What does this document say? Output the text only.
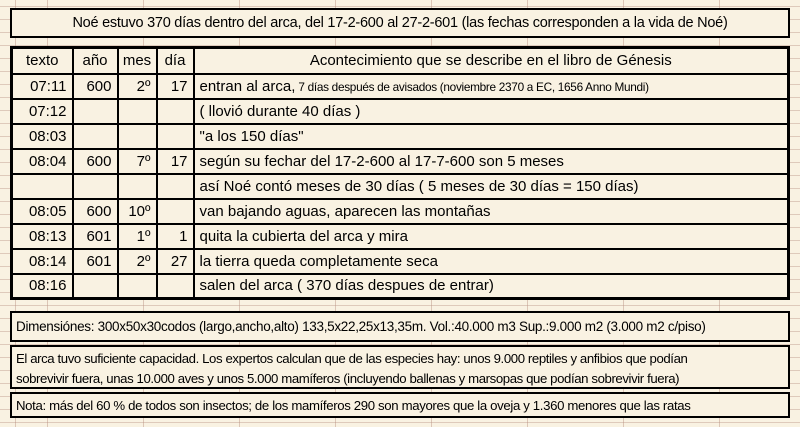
Noé estuvo 370 días dentro del arca, del 17-2-600 al 27-2-601 (las fechas corresponden a la vida de Noé)
texto	año	mes	día	Acontecimiento que se describe en el libro de Génesis
07:11	600	2º	17	entran al arca, 7 días después de avisados (noviembre 2370 a EC, 1656 Anno Mundi)
07:12				( llovió durante 40 días )
08:03				"a los 150 días"
08:04	600	7º	17	según su fechar del 17-2-600 al 17-7-600 son 5 meses
				así Noé contó meses de 30 días ( 5 meses de 30 días = 150 días)
08:05	600	10º		van bajando aguas, aparecen las montañas
08:13	601	1º	1	quita la cubierta del arca y mira
08:14	601	2º	27	la tierra queda completamente seca
08:16				salen del arca ( 370 días despues de entrar)
Dimensiónes: 300x50x30codos (largo,ancho,alto) 133,5x22,25x13,35m. Vol.:40.000 m3 Sup.:9.000 m2 (3.000 m2 c/piso)
El arca tuvo suficiente capacidad. Los expertos calculan que de las especies hay: unos 9.000 reptiles y anfibios que podían
sobrevivir fuera, unas 10.000 aves y unos 5.000 mamíferos (incluyendo ballenas y marsopas que podían sobrevivir fuera)
Nota: más del 60 % de todos son insectos; de los mamíferos 290 son mayores que la oveja y 1.360 menores que las ratas
